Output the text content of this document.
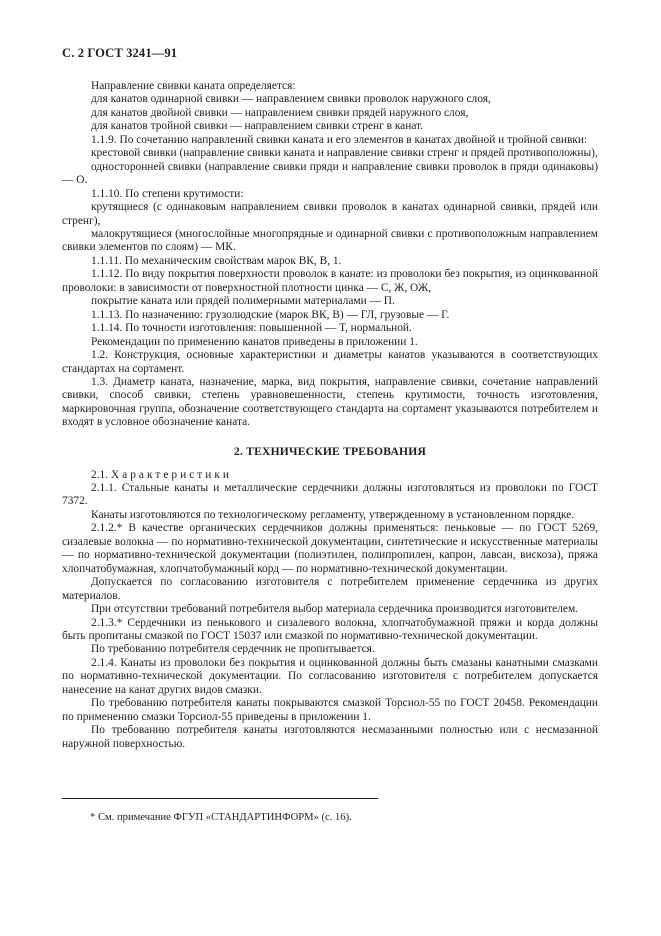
С. 2 ГОСТ 3241—91

Направление свивки каната определяется:

для канатов одинарной свивки — направлением свивки проволок наружного слоя,

для канатов двойной свивки — направлением свивки прядей наружного слоя,

для канатов тройной свивки — направлением свивки стренг в канат.

1.1.9. По сочетанию направлений свивки каната и его элементов в канатах двойной и тройной свивки:

крестовой свивки (направление свивки каната и направление свивки стренг и прядей противоположны),

односторонней свивки (направление свивки пряди и направление свивки проволок в пряди одинаковы) — О.

1.1.10. По степени крутимости:

крутящиеся (с одинаковым направлением свивки проволок в канатах одинарной свивки, прядей или стренг),

малокрутящиеся (многослойные многопрядные и одинарной свивки с противоположным направлением свивки элементов по слоям) — МК.

1.1.11. По механическим свойствам марок ВК, В, 1.

1.1.12. По виду покрытия поверхности проволок в канате: из проволоки без покрытия, из оцинкованной проволоки: в зависимости от поверхностной плотности цинка — С, Ж, ОЖ,

покрытие каната или прядей полимерными материалами — П.

1.1.13. По назначению: грузолюдские (марок ВК, В) — ГЛ, грузовые — Г.

1.1.14. По точности изготовления: повышенной — Т, нормальной.

Рекомендации по применению канатов приведены в приложении 1.

1.2. Конструкция, основные характеристики и диаметры канатов указываются в соответствующих стандартах на сортамент.

1.3. Диаметр каната, назначение, марка, вид покрытия, направление свивки, сочетание направлений свивки, способ свивки, степень уравновешенности, степень крутимости, точность изготовления, маркировочная группа, обозначение соответствующего стандарта на сортамент указываются потребителем и входят в условное обозначение каната.

2. ТЕХНИЧЕСКИЕ ТРЕБОВАНИЯ

2.1. Характеристики

2.1.1. Стальные канаты и металлические сердечники должны изготовляться из проволоки по ГОСТ 7372.

Канаты изготовляются по технологическому регламенту, утвержденному в установленном порядке.

2.1.2.* В качестве органических сердечников должны применяться: пеньковые — по ГОСТ 5269, сизалевые волокна — по нормативно-технической документации, синтетические и искусственные материалы — по нормативно-технической документации (полиэтилен, полипропилен, капрон, лавсан, вискоза), пряжа хлопчатобумажная, хлопчатобумажный корд — по нормативно-технической документации.

Допускается по согласованию изготовителя с потребителем применение сердечника из других материалов.

При отсутствии требований потребителя выбор материала сердечника производится изготовителем.

2.1.3.* Сердечники из пенькового и сизалевого волокна, хлопчатобумажной пряжи и корда должны быть пропитаны смазкой по ГОСТ 15037 или смазкой по нормативно-технической документации.

По требованию потребителя сердечник не пропитывается.

2.1.4. Канаты из проволоки без покрытия и оцинкованной должны быть смазаны канатными смазками по нормативно-технической документации. По согласованию изготовителя с потребителем допускается нанесение на канат других видов смазки.

По требованию потребителя канаты покрываются смазкой Торсиол-55 по ГОСТ 20458. Рекомендации по применению смазки Торсиол-55 приведены в приложении 1.

По требованию потребителя канаты изготовляются несмазанными полностью или с несмазанной наружной поверхностью.

* См. примечание ФГУП «СТАНДАРТИНФОРМ» (с. 16).
